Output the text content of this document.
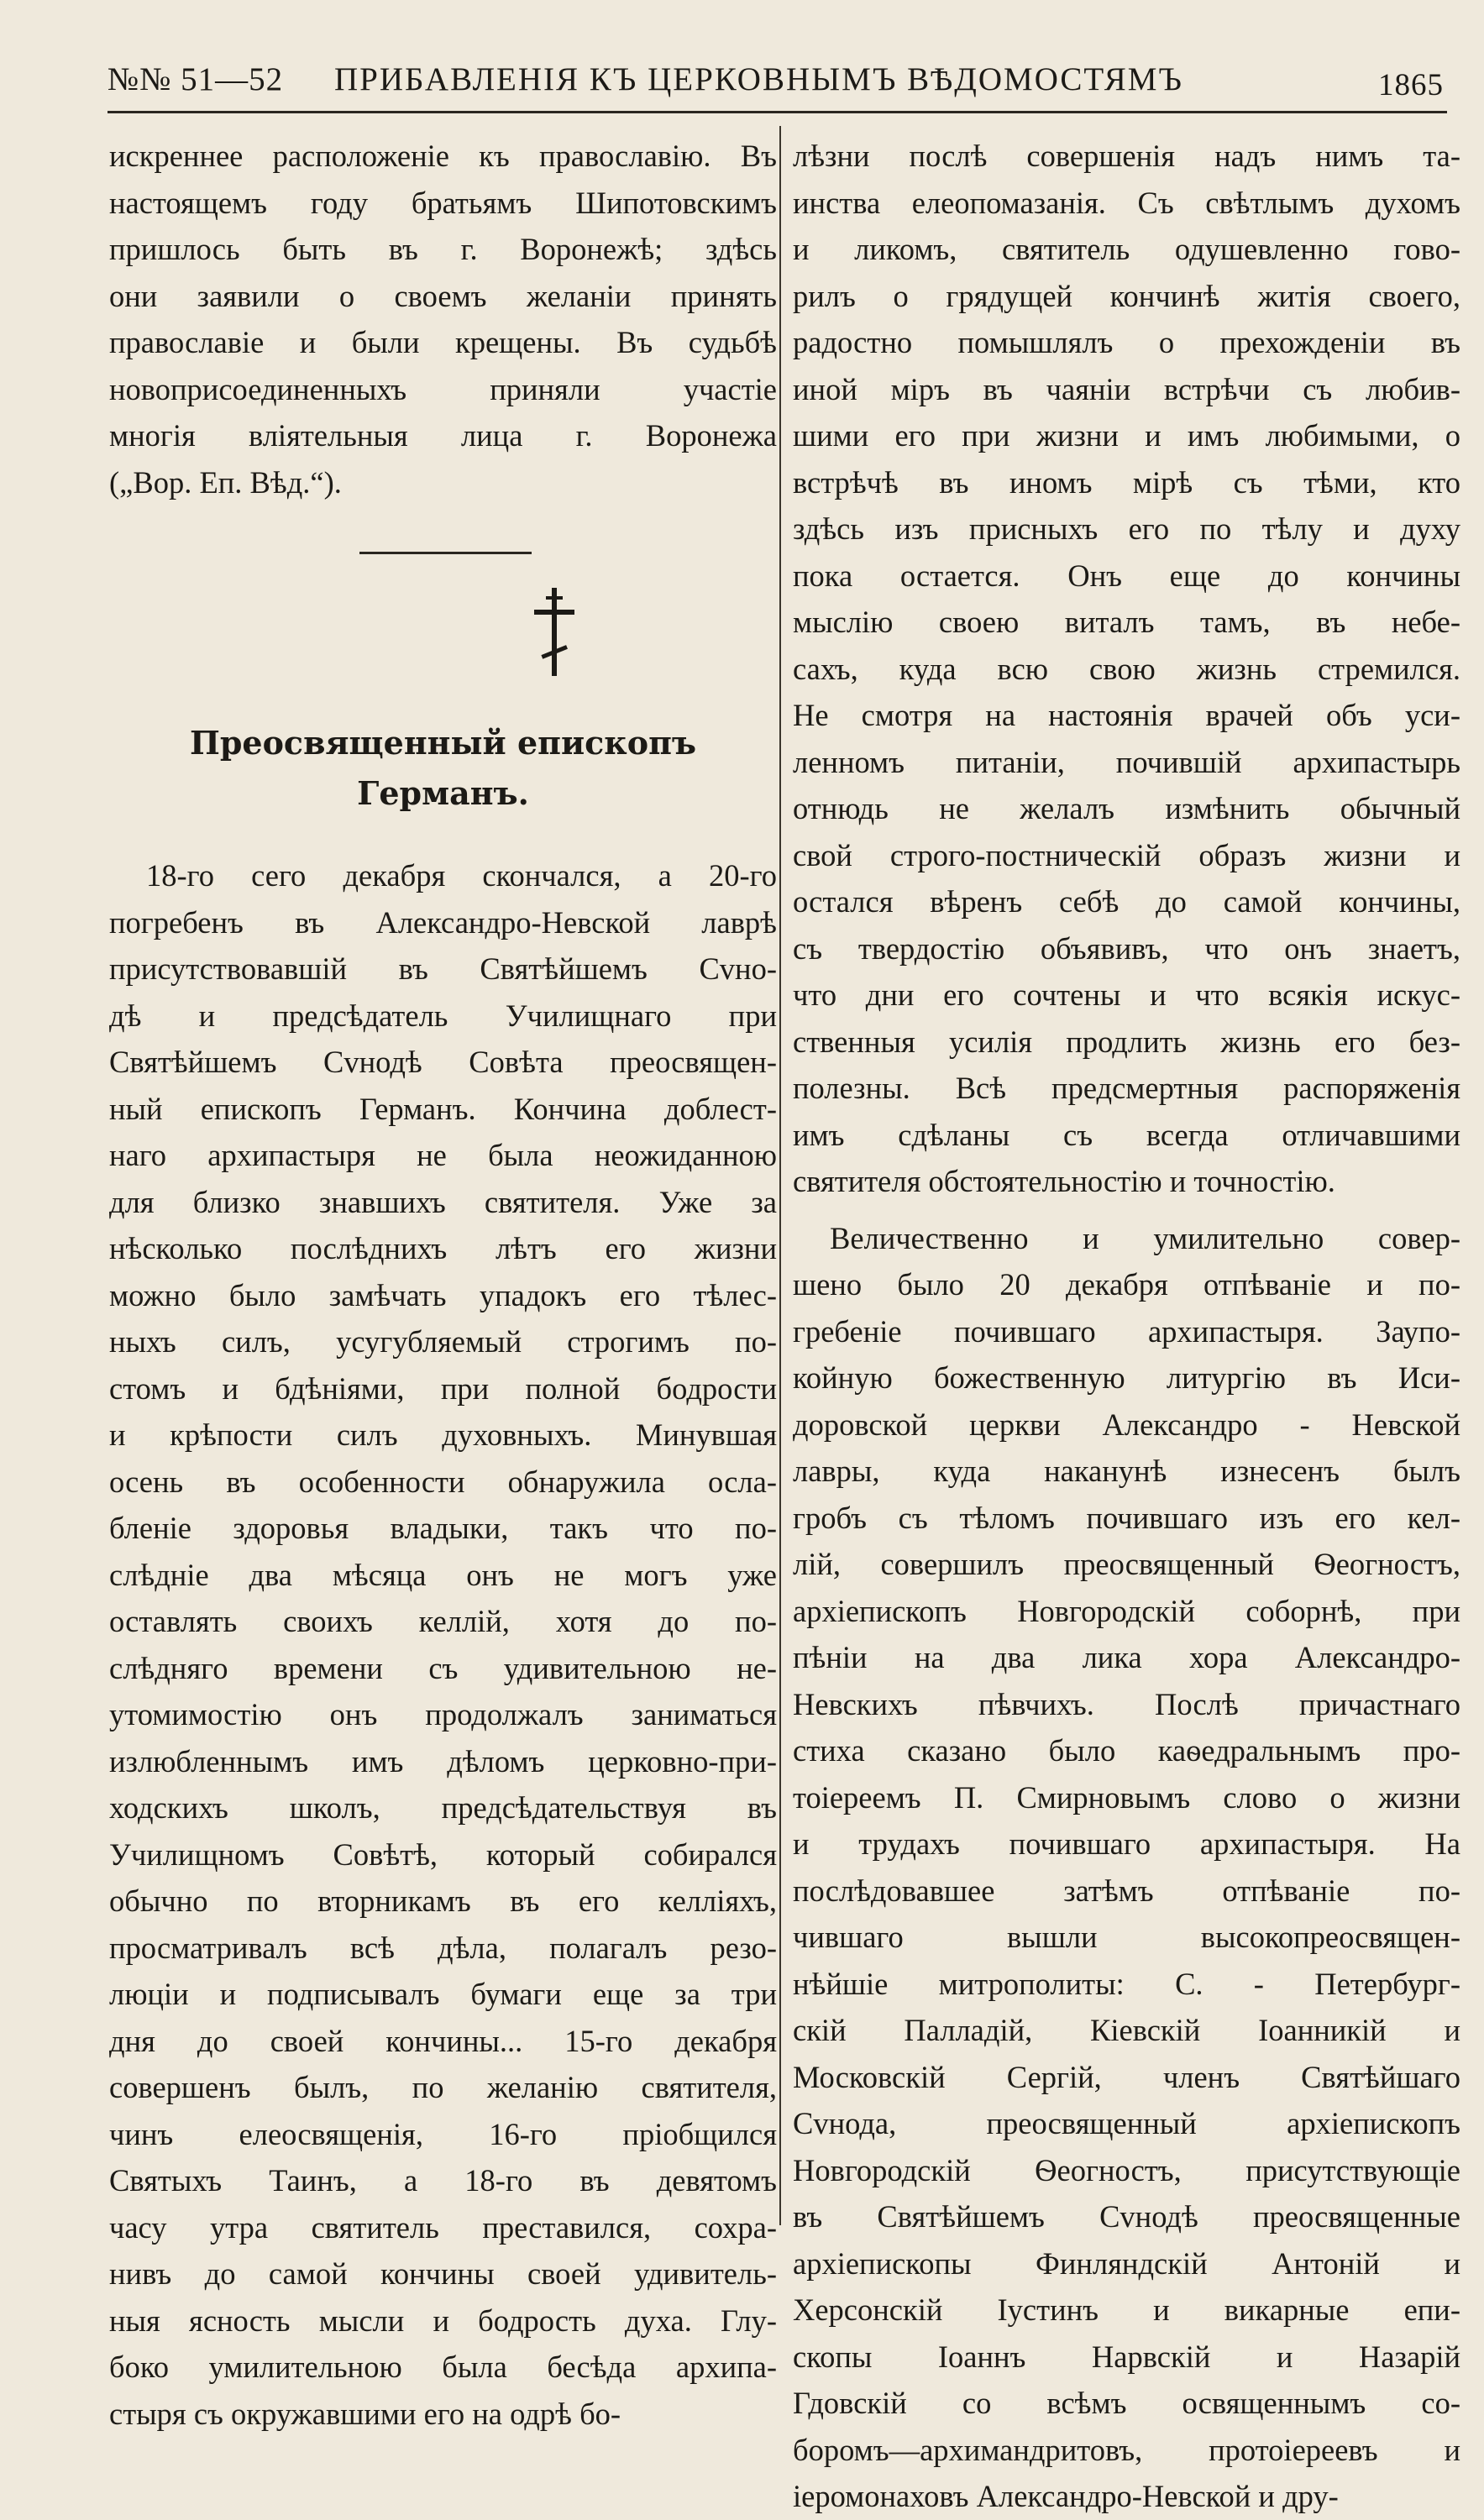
№№ 51—52 ПРИБАВЛЕНІЯ КЪ ЦЕРКОВНЫМЪ ВѢДОМОСТЯМЪ	1865
искреннее расположеніе къ православію. Въ
настоящемъ году братьямъ Шипотовскимъ
пришлось быть въ г. Воронежѣ; здѣсь
они заявили о своемъ желаніи принять
православіе и были крещены. Въ судьбѣ
новоприсоединенныхъ приняли участіе
многія вліятельныя лица г. Воронежа
(„Вор. Еп. Вѣд.“).
Преосвященный епископъ
Германъ.
18-го сего декабря скончался, а 20-го
погребенъ въ Александро-Невской лаврѣ
присутствовавшій въ Святѣйшемъ Сvно-
дѣ и предсѣдатель Училищнаго при
Святѣйшемъ Сvнодѣ Совѣта преосвящен-
ный епископъ Германъ. Кончина доблест-
наго архипастыря не была неожиданною
для близко знавшихъ святителя. Уже за
нѣсколько послѣднихъ лѣтъ его жизни
можно было замѣчать упадокъ его тѣлес-
ныхъ силъ, усугубляемый строгимъ по-
стомъ и бдѣніями, при полной бодрости
и крѣпости силъ духовныхъ. Минувшая
осень въ особенности обнаружила осла-
бленіе здоровья владыки, такъ что по-
слѣдніе два мѣсяца онъ не могъ уже
оставлять своихъ келлій, хотя до по-
слѣдняго времени съ удивительною не-
утомимостію онъ продолжалъ заниматься
излюбленнымъ имъ дѣломъ церковно-при-
ходскихъ школъ, предсѣдательствуя въ
Училищномъ Совѣтѣ, который собирался
обычно по вторникамъ въ его келліяхъ,
просматривалъ всѣ дѣла, полагалъ резо-
люціи и подписывалъ бумаги еще за три
дня до своей кончины... 15-го декабря
совершенъ былъ, по желанію святителя,
чинъ елеосвященія, 16-го пріобщился
Святыхъ Таинъ, а 18-го въ девятомъ
часу утра святитель преставился, сохра-
нивъ до самой кончины своей удивитель-
ныя ясность мысли и бодрость духа. Глу-
боко умилительною была бесѣда архипа-
стыря съ окружавшими его на одрѣ бо-
лѣзни послѣ совершенія надъ нимъ та-
инства елеопомазанія. Съ свѣтлымъ духомъ
и ликомъ, святитель одушевленно гово-
рилъ о грядущей кончинѣ житія своего,
радостно помышлялъ о прехожденіи въ
иной міръ въ чаяніи встрѣчи съ любив-
шими его при жизни и имъ любимыми, о
встрѣчѣ въ иномъ мірѣ съ тѣми, кто
здѣсь изъ присныхъ его по тѣлу и духу
пока остается. Онъ еще до кончины
мыслію своею виталъ тамъ, въ небе-
сахъ, куда всю свою жизнь стремился.
Не смотря на настоянія врачей объ уси-
ленномъ питаніи, почившій архипастырь
отнюдь не желалъ измѣнить обычный
свой строго-постническій образъ жизни и
остался вѣренъ себѣ до самой кончины,
съ твердостію объявивъ, что онъ знаетъ,
что дни его сочтены и что всякія искус-
ственныя усилія продлить жизнь его без-
полезны. Всѣ предсмертныя распоряженія
имъ сдѣланы съ всегда отличавшими
святителя обстоятельностію и точностію.
Величественно и умилительно совер-
шено было 20 декабря отпѣваніе и по-
гребеніе почившаго архипастыря. Заупо-
койную божественную литургію въ Иси-
доровской церкви Александро - Невской
лавры, куда наканунѣ изнесенъ былъ
гробъ съ тѣломъ почившаго изъ его кел-
лій, совершилъ преосвященный Ѳеогностъ,
архіепископъ Новгородскій соборнѣ, при
пѣніи на два лика хора Александро-
Невскихъ пѣвчихъ. Послѣ причастнаго
стиха сказано было каѳедральнымъ про-
тоіереемъ П. Смирновымъ слово о жизни
и трудахъ почившаго архипастыря. На
послѣдовавшее затѣмъ отпѣваніе по-
чившаго вышли высокопреосвящен-
нѣйшіе митрополиты: С. - Петербург-
скій Палладій, Кіевскій Іоанникій и
Московскій Сергій, членъ Святѣйшаго
Сvнода, преосвященный архіепископъ
Новгородскій Ѳеогностъ, присутствующіе
въ Святѣйшемъ Сvнодѣ преосвященные
архіепископы Финляндскій Антоній и
Херсонскій Іустинъ и викарные епи-
скопы Іоаннъ Нарвскій и Назарій
Гдовскій со всѣмъ освященнымъ со-
боромъ—архимандритовъ, протоіереевъ и
іеромонаховъ Александро-Невской и дру-
